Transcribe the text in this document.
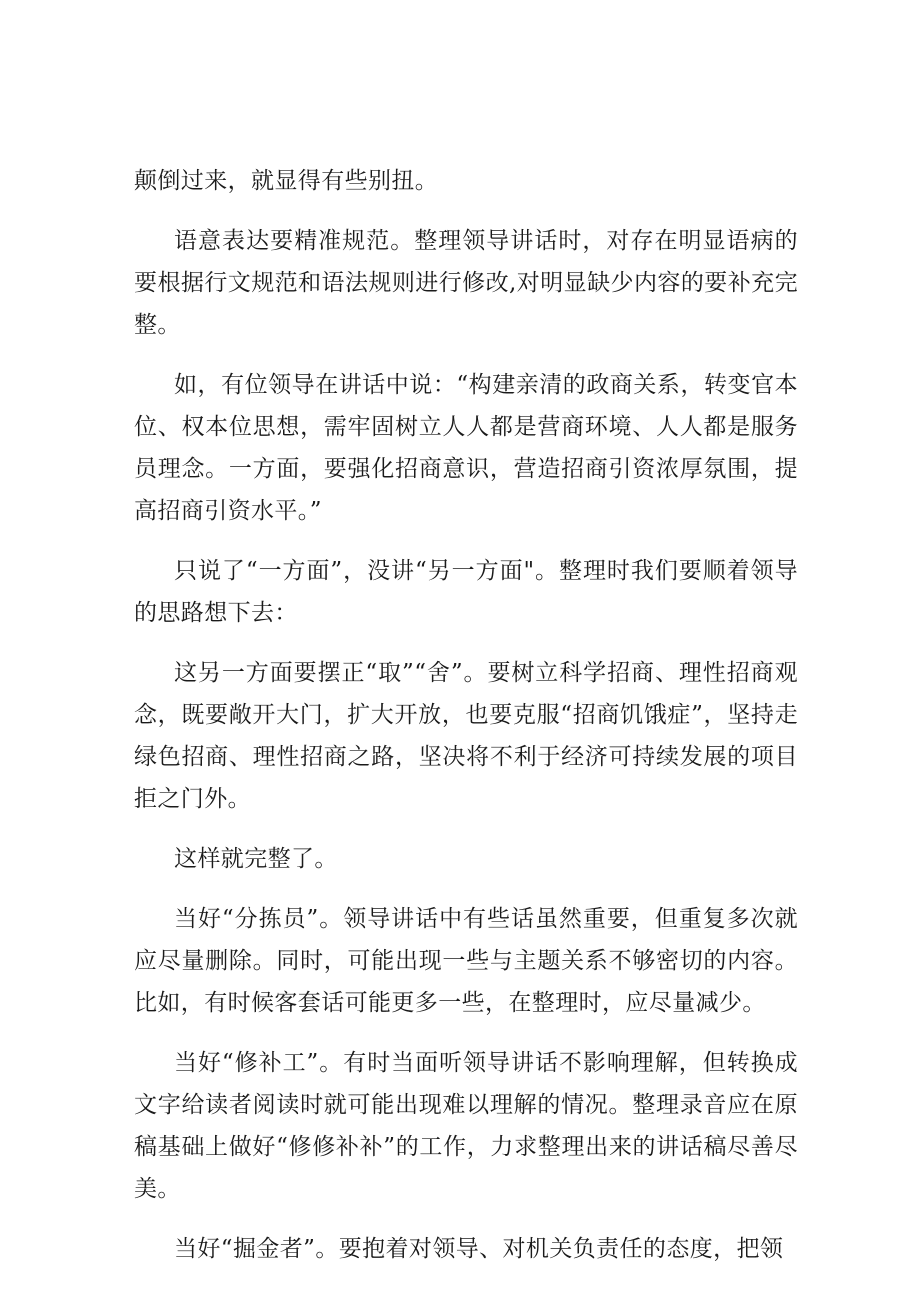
颠倒过来，就显得有些别扭。

语意表达要精准规范。整理领导讲话时，对存在明显语病的要根据行文规范和语法规则进行修改,对明显缺少内容的要补充完整。

如，有位领导在讲话中说：“构建亲清的政商关系，转变官本位、权本位思想，需牢固树立人人都是营商环境、人人都是服务员理念。一方面，要强化招商意识，营造招商引资浓厚氛围，提高招商引资水平。”

只说了“一方面”，没讲“另一方面"。整理时我们要顺着领导的思路想下去：

这另一方面要摆正“取”“舍”。要树立科学招商、理性招商观念，既要敞开大门，扩大开放，也要克服“招商饥饿症”，坚持走绿色招商、理性招商之路，坚决将不利于经济可持续发展的项目拒之门外。

这样就完整了。

当好“分拣员”。领导讲话中有些话虽然重要，但重复多次就应尽量删除。同时，可能出现一些与主题关系不够密切的内容。比如，有时候客套话可能更多一些，在整理时，应尽量减少。

当好“修补工”。有时当面听领导讲话不影响理解，但转换成文字给读者阅读时就可能出现难以理解的情况。整理录音应在原稿基础上做好“修修补补”的工作，力求整理出来的讲话稿尽善尽美。

当好“掘金者”。要抱着对领导、对机关负责任的态度，把领
